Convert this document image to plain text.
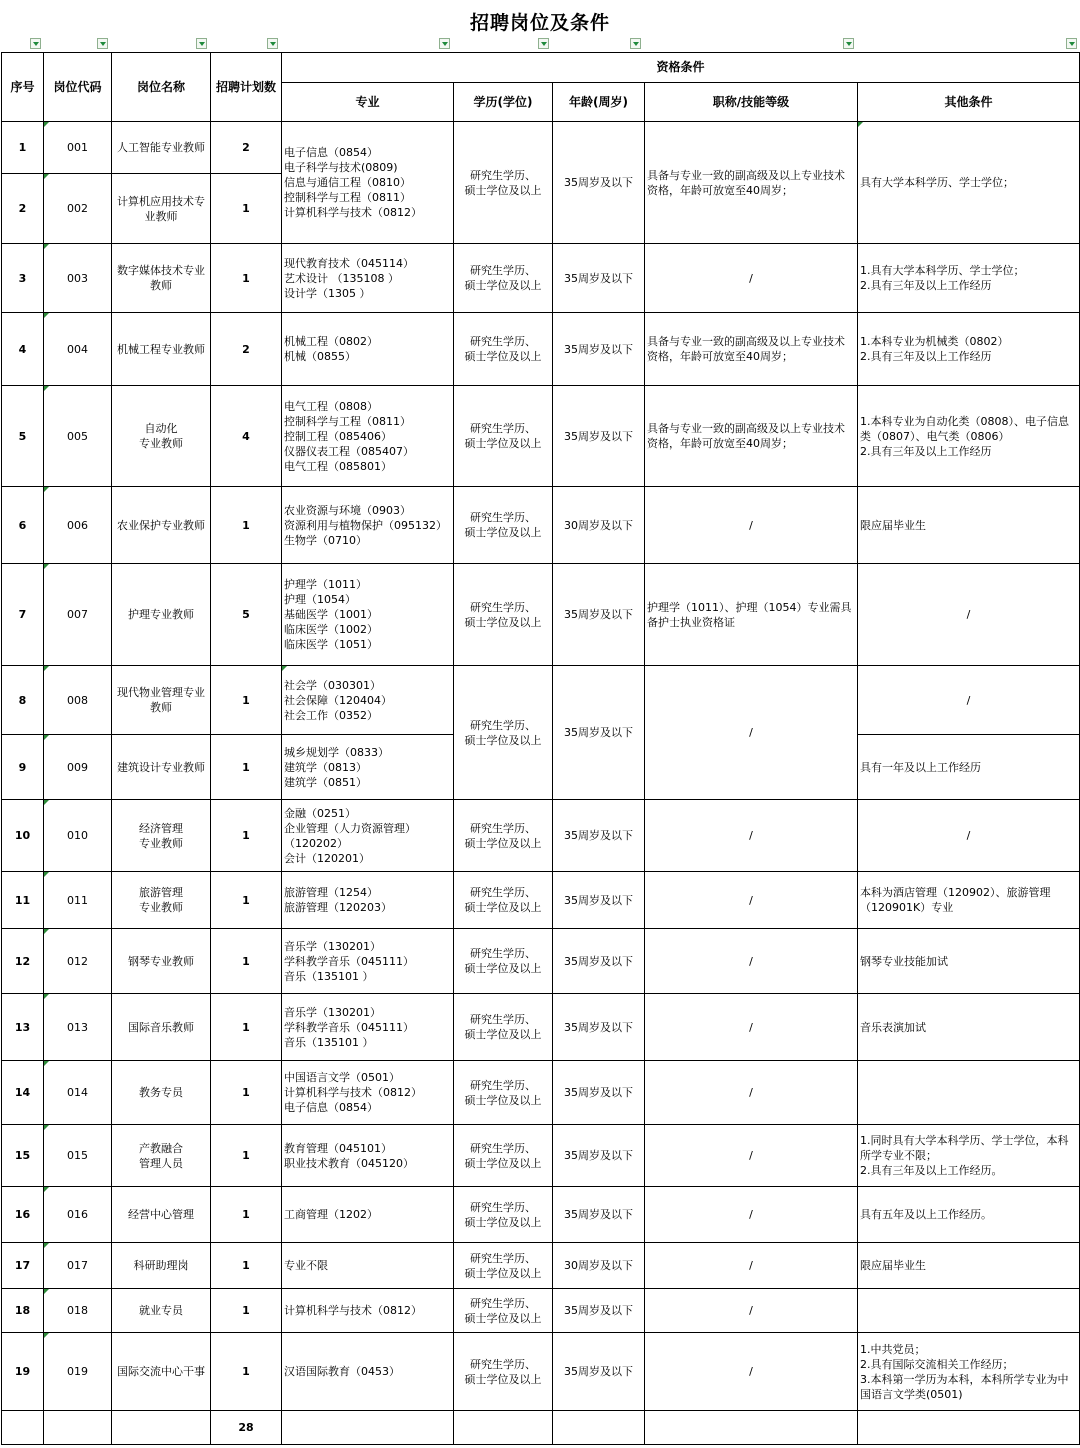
招聘岗位及条件
序号	岗位代码	岗位名称	招聘计划数	资格条件				
				专业	学历(学位)	年龄(周岁)	职称/技能等级	其他条件
1	001	人工智能专业教师	2	电子信息（0854）
电子科学与技术(0809)
信息与通信工程（0810）
控制科学与工程（0811）
计算机科学与技术（0812）	研究生学历、
硕士学位及以上	35周岁及以下	具备与专业一致的副高级及以上专业技术资格，年龄可放宽至40周岁；	具有大学本科学历、学士学位；
2	002	计算机应用技术专业教师	1					
3	003	数字媒体技术专业教师	1	现代教育技术（045114）
艺术设计 （135108 ）
设计学（1305 ）	研究生学历、
硕士学位及以上	35周岁及以下	/	1.具有大学本科学历、学士学位；
2.具有三年及以上工作经历
4	004	机械工程专业教师	2	机械工程（0802）
机械（0855）	研究生学历、
硕士学位及以上	35周岁及以下	具备与专业一致的副高级及以上专业技术资格，年龄可放宽至40周岁；	1.本科专业为机械类（0802）
2.具有三年及以上工作经历
5	005	自动化
专业教师	4	电气工程（0808）
控制科学与工程（0811）
控制工程（085406）
仪器仪表工程（085407）
电气工程（085801）	研究生学历、
硕士学位及以上	35周岁及以下	具备与专业一致的副高级及以上专业技术资格，年龄可放宽至40周岁；	1.本科专业为自动化类（0808）、电子信息类（0807）、电气类（0806）
2.具有三年及以上工作经历
6	006	农业保护专业教师	1	农业资源与环境（0903）
资源利用与植物保护（095132）
生物学（0710）	研究生学历、
硕士学位及以上	30周岁及以下	/	限应届毕业生
7	007	护理专业教师	5	护理学（1011）
护理（1054）
基础医学（1001）
临床医学（1002）
临床医学（1051）	研究生学历、
硕士学位及以上	35周岁及以下	护理学（1011）、护理（1054）专业需具备护士执业资格证	/
8	008	现代物业管理专业教师	1	社会学（030301）
社会保障（120404）
社会工作（0352）	研究生学历、
硕士学位及以上	35周岁及以下	/	/
9	009	建筑设计专业教师	1	城乡规划学（0833）
建筑学（0813）
建筑学（0851）				具有一年及以上工作经历
10	010	经济管理
专业教师	1	金融（0251）
企业管理（人力资源管理）
（120202）
会计（120201）	研究生学历、
硕士学位及以上	35周岁及以下	/	/
11	011	旅游管理
专业教师	1	旅游管理（1254）
旅游管理（120203）	研究生学历、
硕士学位及以上	35周岁及以下	/	本科为酒店管理（120902）、旅游管理（120901K）专业
12	012	钢琴专业教师	1	音乐学（130201）
学科教学音乐（045111）
音乐（135101 ）	研究生学历、
硕士学位及以上	35周岁及以下	/	钢琴专业技能加试
13	013	国际音乐教师	1	音乐学（130201）
学科教学音乐（045111）
音乐（135101 ）	研究生学历、
硕士学位及以上	35周岁及以下	/	音乐表演加试
14	014	教务专员	1	中国语言文学（0501）
计算机科学与技术（0812）
电子信息（0854）	研究生学历、
硕士学位及以上	35周岁及以下	/	
15	015	产教融合
管理人员	1	教育管理（045101）
职业技术教育（045120）	研究生学历、
硕士学位及以上	35周岁及以下	/	1.同时具有大学本科学历、学士学位，本科所学专业不限；
2.具有三年及以上工作经历。
16	016	经营中心管理	1	工商管理（1202）	研究生学历、
硕士学位及以上	35周岁及以下	/	具有五年及以上工作经历。
17	017	科研助理岗	1	专业不限	研究生学历、
硕士学位及以上	30周岁及以下	/	限应届毕业生
18	018	就业专员	1	计算机科学与技术（0812）	研究生学历、
硕士学位及以上	35周岁及以下	/	
19	019	国际交流中心干事	1	汉语国际教育（0453）	研究生学历、
硕士学位及以上	35周岁及以下	/	1.中共党员；
2.具有国际交流相关工作经历；
3.本科第一学历为本科，本科所学专业为中国语言文学类(0501)
			28					
